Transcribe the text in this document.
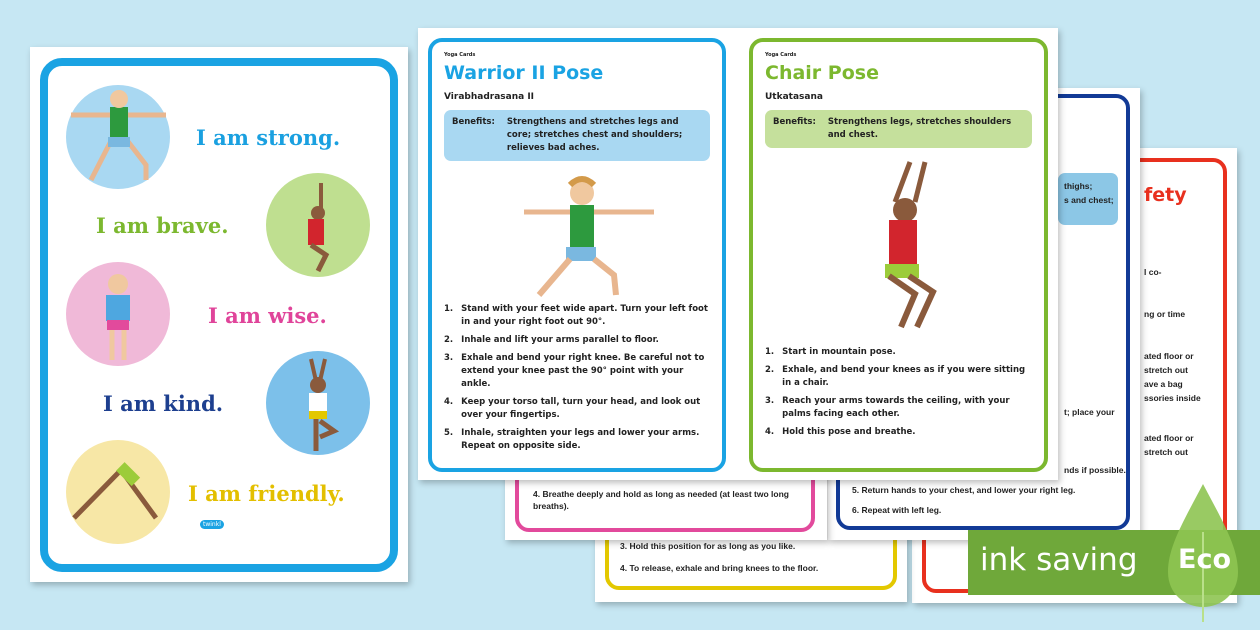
3. Hold this position for as long as you like.
4. To release, exhale and bring knees to the floor.
thighs;
s and chest;
t; place your
nds if possible.
5. Return hands to your chest, and lower your right leg.
6. Repeat with left leg.
fety
l co-
ng or time
ated floor or
stretch out
ave a bag
ssories inside
ated floor or
stretch out
4. Breathe deeply and hold as long as needed (at least two long breaths).
I am strong.
I am brave.
I am wise.
I am kind.
I am friendly.
twinkl
Yoga Cards
Warrior II Pose
Virabhadrasana II
Benefits: Strengthens and stretches legs and core; stretches chest and shoulders; relieves bad aches.
1. Stand with your feet wide apart. Turn your left foot in and your right foot out 90°.
2. Inhale and lift your arms parallel to floor.
3. Exhale and bend your right knee. Be careful not to extend your knee past the 90° point with your ankle.
4. Keep your torso tall, turn your head, and look out over your fingertips.
5. Inhale, straighten your legs and lower your arms. Repeat on opposite side.
Yoga Cards
Chair Pose
Utkatasana
Benefits: Strengthens legs, stretches shoulders and chest.
1. Start in mountain pose.
2. Exhale, and bend your knees as if you were sitting in a chair.
3. Reach your arms towards the ceiling, with your palms facing each other.
4. Hold this pose and breathe.
ink saving Eco
